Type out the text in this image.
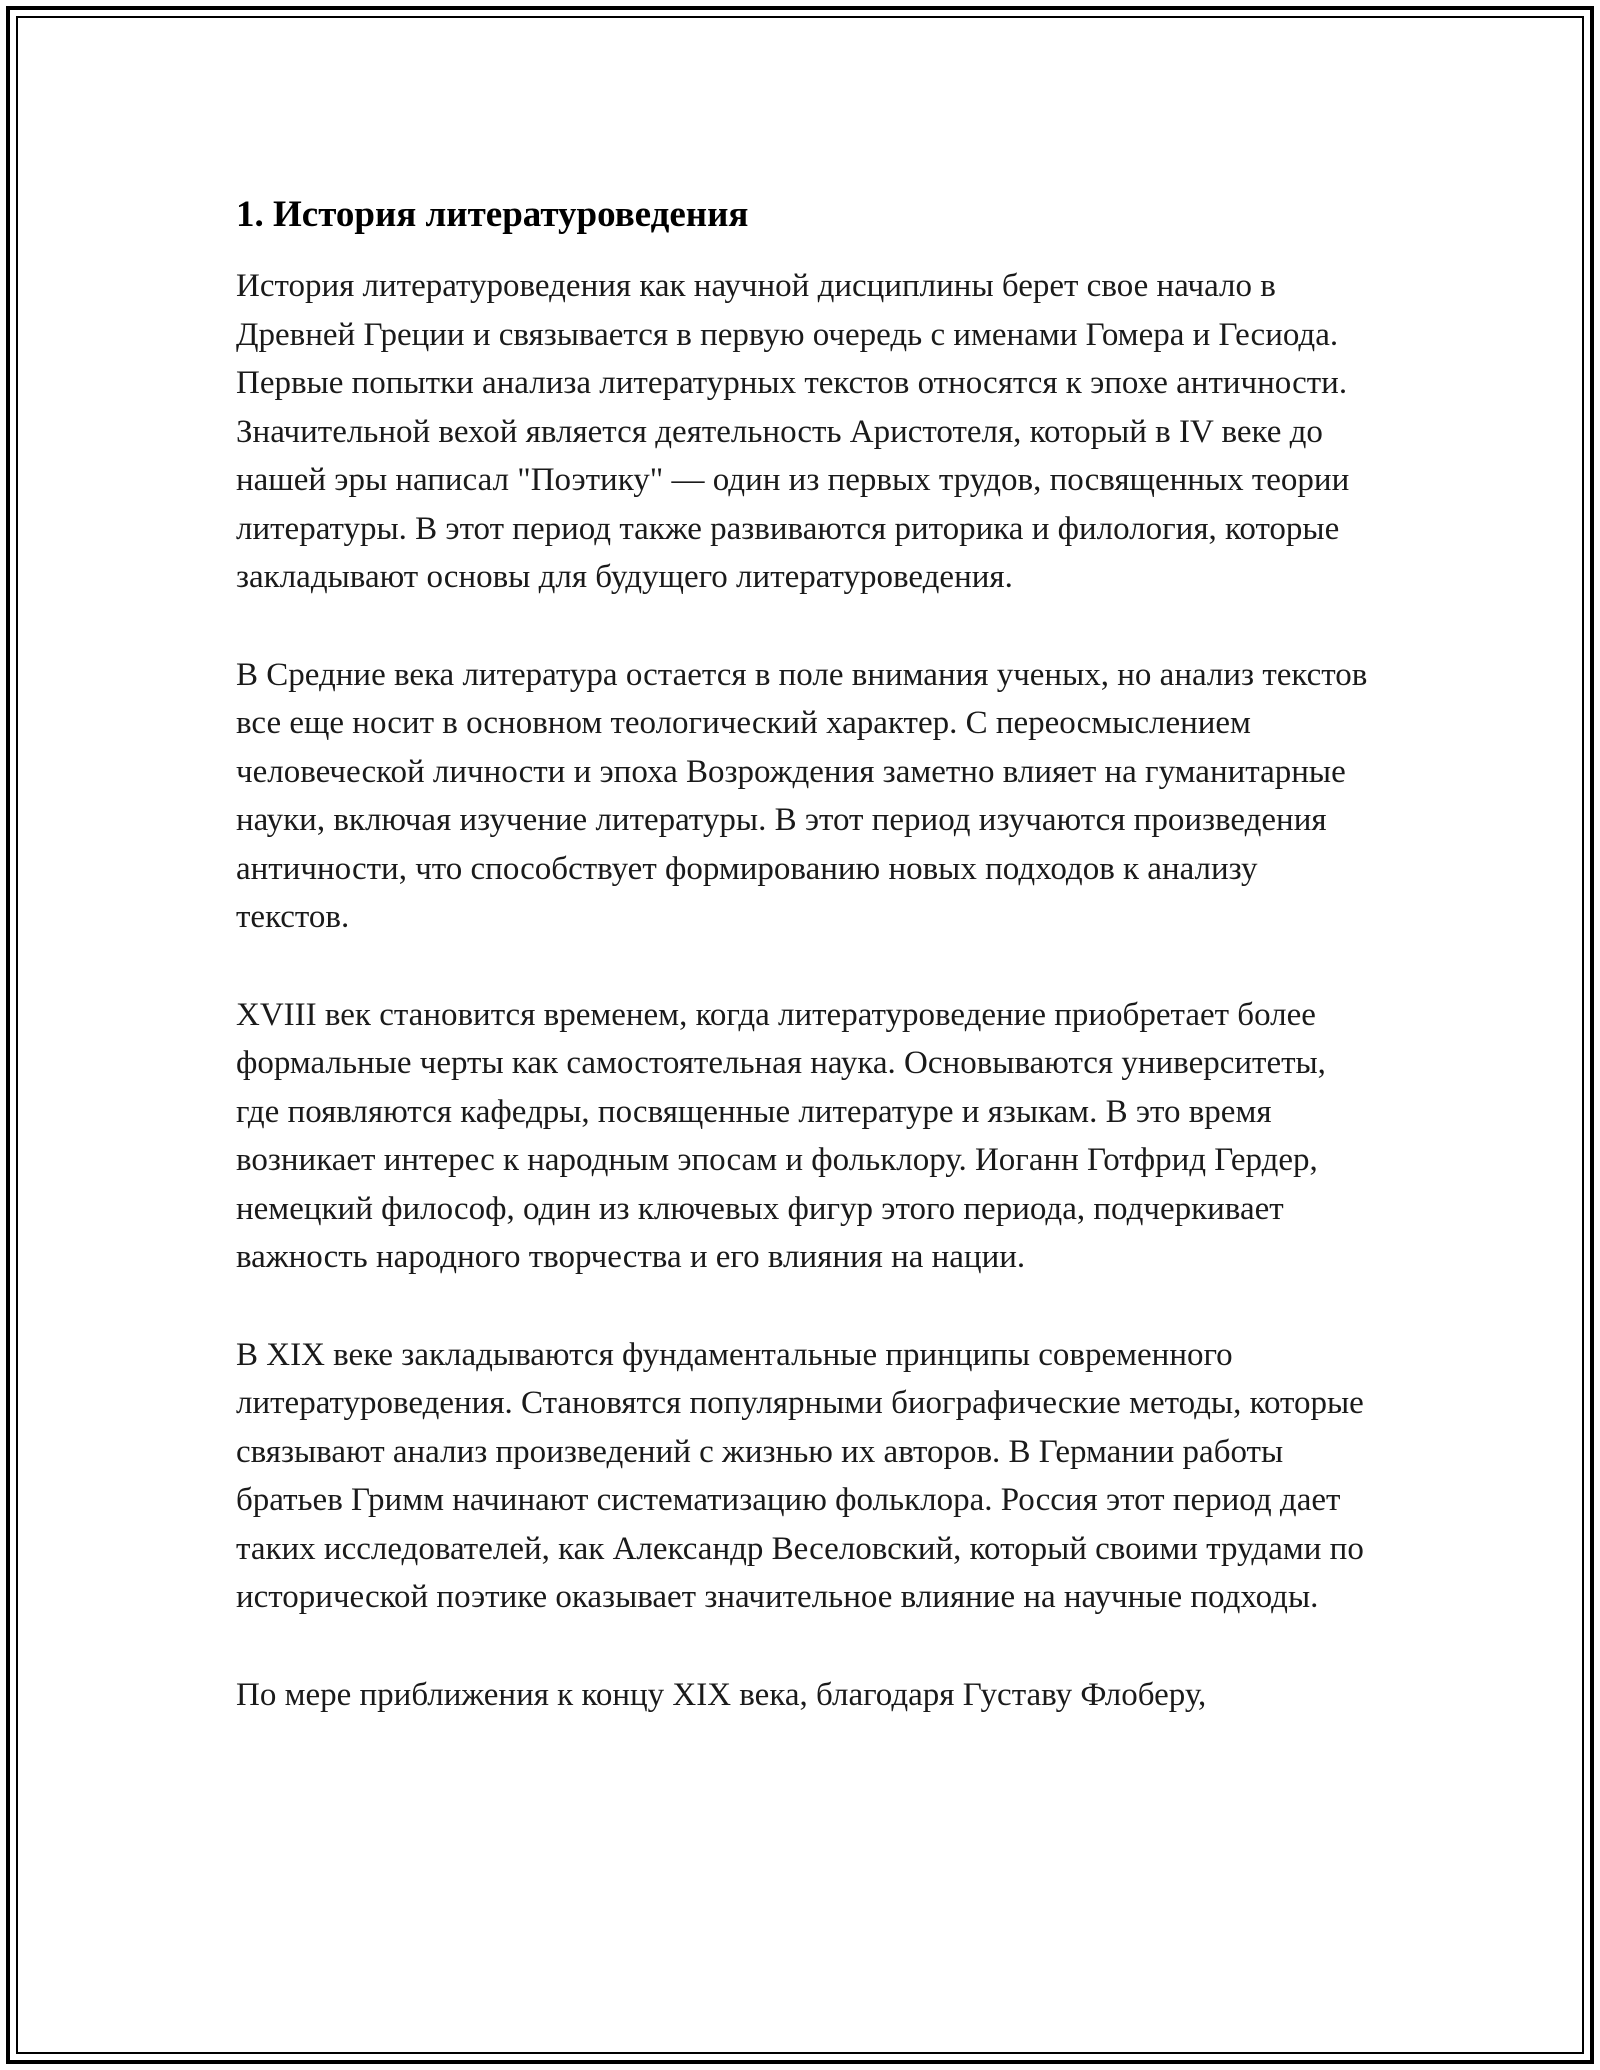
1. История литературоведения

История литературоведения как научной дисциплины берет свое начало в Древней Греции и связывается в первую очередь с именами Гомера и Гесиода. Первые попытки анализа литературных текстов относятся к эпохе античности. Значительной вехой является деятельность Аристотеля, который в IV веке до нашей эры написал "Поэтику" — один из первых трудов, посвященных теории литературы. В этот период также развиваются риторика и филология, которые закладывают основы для будущего литературоведения.

В Средние века литература остается в поле внимания ученых, но анализ текстов все еще носит в основном теологический характер. С переосмыслением человеческой личности и эпоха Возрождения заметно влияет на гуманитарные науки, включая изучение литературы. В этот период изучаются произведения античности, что способствует формированию новых подходов к анализу текстов.

XVIII век становится временем, когда литературоведение приобретает более формальные черты как самостоятельная наука. Основываются университеты, где появляются кафедры, посвященные литературе и языкам. В это время возникает интерес к народным эпосам и фольклору. Иоганн Готфрид Гердер, немецкий философ, один из ключевых фигур этого периода, подчеркивает важность народного творчества и его влияния на нации.

В XIX веке закладываются фундаментальные принципы современного литературоведения. Становятся популярными биографические методы, которые связывают анализ произведений с жизнью их авторов. В Германии работы братьев Гримм начинают систематизацию фольклора. Россия этот период дает таких исследователей, как Александр Веселовский, который своими трудами по исторической поэтике оказывает значительное влияние на научные подходы.

По мере приближения к концу XIX века, благодаря Густаву Флоберу,
